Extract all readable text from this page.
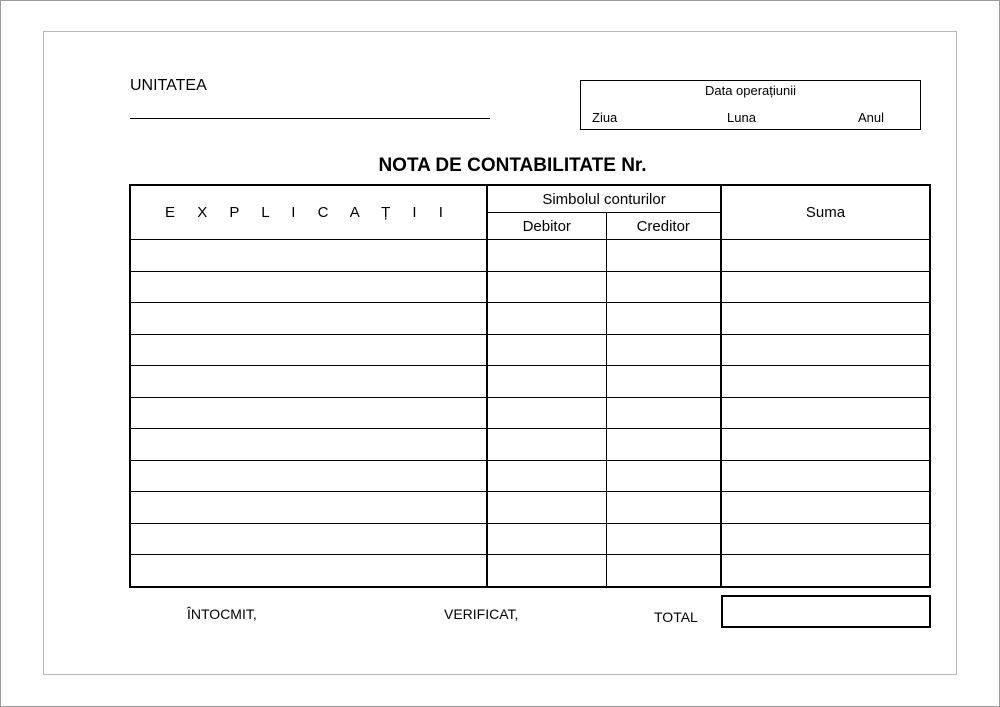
UNITATEA	Data operațiunii
Ziua	Luna	Anul
NOTA DE CONTABILITATE Nr.
E X P L I C A Ț I I	Simbolul conturilor		Suma
	Debitor	Creditor	

ÎNTOCMIT,	VERIFICAT,	TOTAL
